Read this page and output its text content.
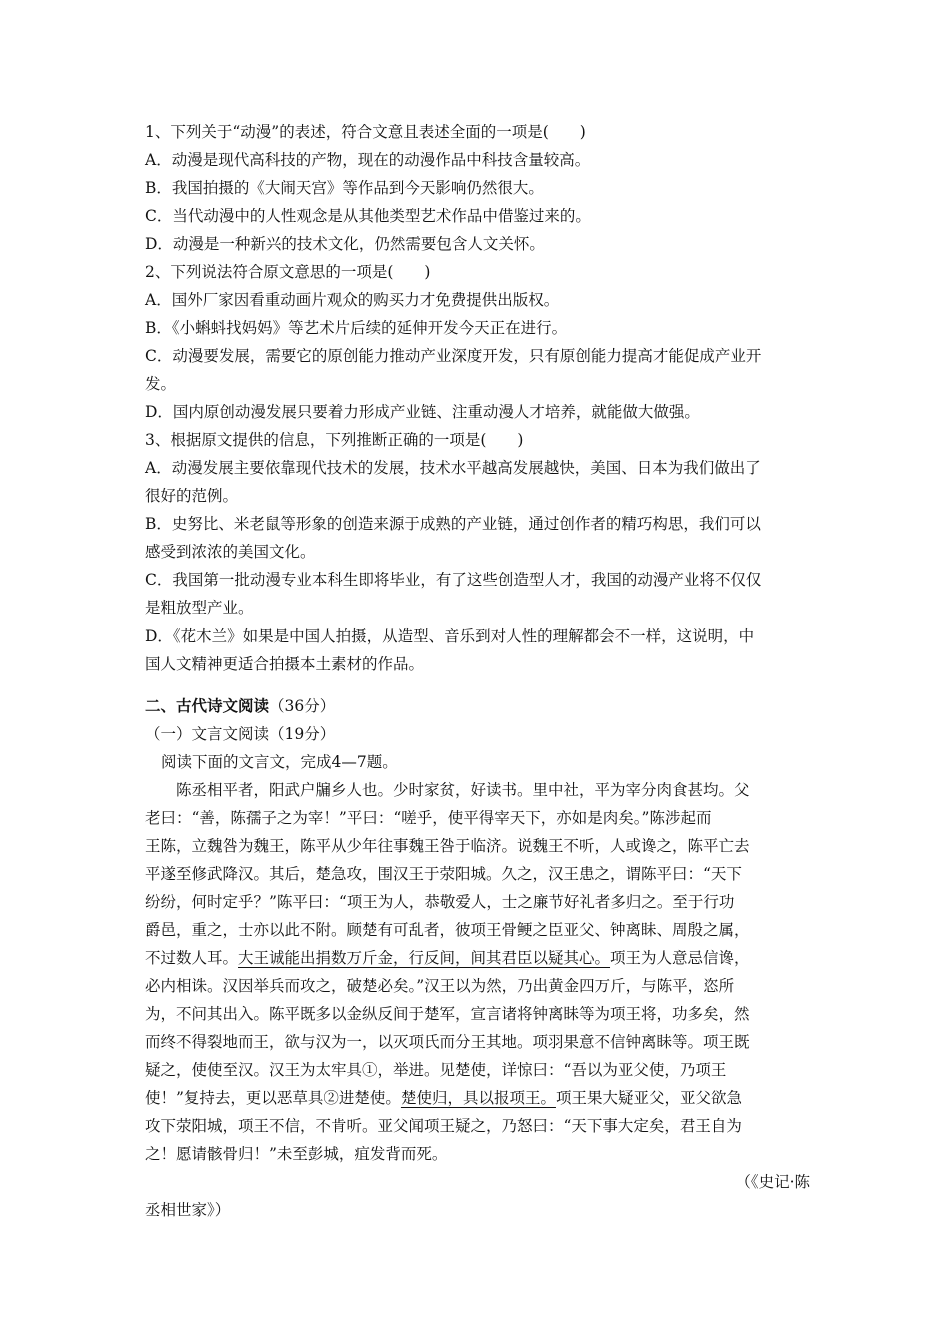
1、下列关于“动漫”的表述，符合文意且表述全面的一项是(　　)
A．动漫是现代高科技的产物，现在的动漫作品中科技含量较高。
B．我国拍摄的《大闹天宫》等作品到今天影响仍然很大。
C．当代动漫中的人性观念是从其他类型艺术作品中借鉴过来的。
D．动漫是一种新兴的技术文化，仍然需要包含人文关怀。
2、下列说法符合原文意思的一项是(　　)
A．国外厂家因看重动画片观众的购买力才免费提供出版权。
B．《小蝌蚪找妈妈》等艺术片后续的延伸开发今天正在进行。
C．动漫要发展，需要它的原创能力推动产业深度开发，只有原创能力提高才能促成产业开
发。
D．国内原创动漫发展只要着力形成产业链、注重动漫人才培养，就能做大做强。
3、根据原文提供的信息，下列推断正确的一项是(　　)
A．动漫发展主要依靠现代技术的发展，技术水平越高发展越快，美国、日本为我们做出了
很好的范例。
B．史努比、米老鼠等形象的创造来源于成熟的产业链，通过创作者的精巧构思，我们可以
感受到浓浓的美国文化。
C．我国第一批动漫专业本科生即将毕业，有了这些创造型人才，我国的动漫产业将不仅仅
是粗放型产业。
D．《花木兰》如果是中国人拍摄，从造型、音乐到对人性的理解都会不一样，这说明，中
国人文精神更适合拍摄本土素材的作品。
二、古代诗文阅读（36分）
（一）文言文阅读（19分）
阅读下面的文言文，完成4—7题。
陈丞相平者，阳武户牖乡人也。少时家贫，好读书。里中社，平为宰分肉食甚均。父
老曰：“善，陈孺子之为宰！”平曰：“嗟乎，使平得宰天下，亦如是肉矣。”陈涉起而
王陈，立魏咎为魏王，陈平从少年往事魏王咎于临济。说魏王不听，人或谗之，陈平亡去
平遂至修武降汉。其后，楚急攻，围汉王于荥阳城。久之，汉王患之，谓陈平曰：“天下
纷纷，何时定乎？”陈平曰：“项王为人，恭敬爱人，士之廉节好礼者多归之。至于行功
爵邑，重之，士亦以此不附。顾楚有可乱者，彼项王骨鲠之臣亚父、钟离眛、周殷之属，
不过数人耳。大王诚能出捐数万斤金，行反间，间其君臣以疑其心。项王为人意忌信谗，
必内相诛。汉因举兵而攻之，破楚必矣。”汉王以为然，乃出黄金四万斤，与陈平，恣所
为，不问其出入。陈平既多以金纵反间于楚军，宣言诸将钟离眛等为项王将，功多矣，然
而终不得裂地而王，欲与汉为一，以灭项氏而分王其地。项羽果意不信钟离眛等。项王既
疑之，使使至汉。汉王为太牢具①，举进。见楚使，详惊曰：“吾以为亚父使，乃项王
使！”复持去，更以恶草具②进楚使。楚使归，具以报项王。项王果大疑亚父，亚父欲急
攻下荥阳城，项王不信，不肯听。亚父闻项王疑之，乃怒曰：“天下事大定矣，君王自为
之！愿请骸骨归！”未至彭城，疽发背而死。
（《史记·陈
丞相世家》）
